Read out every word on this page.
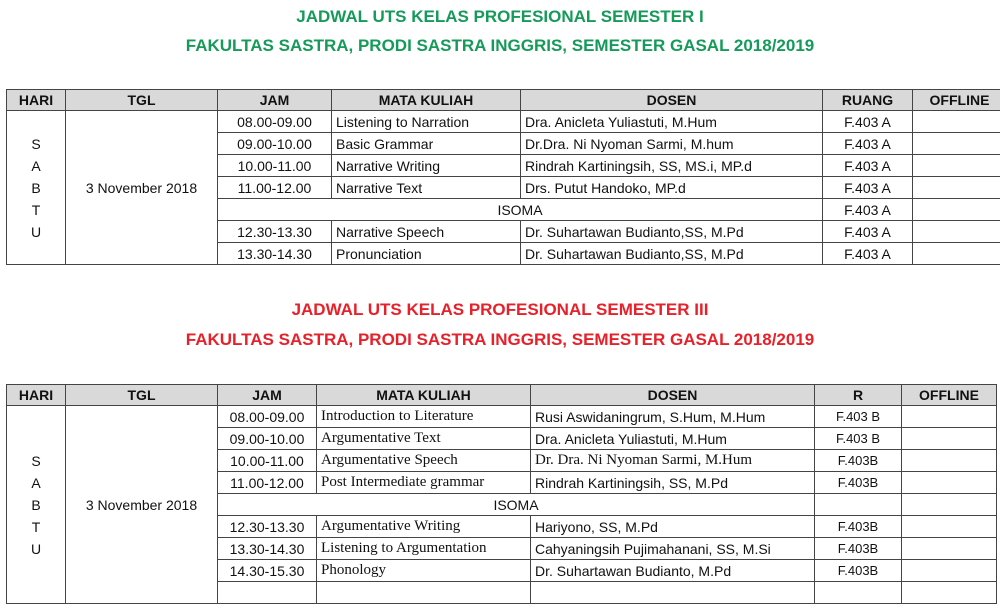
JADWAL UTS KELAS PROFESIONAL SEMESTER I
FAKULTAS SASTRA, PRODI SASTRA INGGRIS, SEMESTER GASAL 2018/2019
HARI	TGL	JAM	MATA KULIAH	DOSEN	RUANG	OFFLINE

S
A
B
T
U	3 November 2018	08.00-09.00	Listening to Narration	Dra. Anicleta Yuliastuti, M.Hum	F.403 A	
		09.00-10.00	Basic Grammar	Dr.Dra. Ni Nyoman Sarmi, M.hum	F.403 A	
		10.00-11.00	Narrative Writing	Rindrah Kartiningsih, SS, MS.i, MP.d	F.403 A	
		11.00-12.00	Narrative Text	Drs. Putut Handoko, MP.d	F.403 A	
		ISOMA			F.403 A	
		12.30-13.30	Narrative Speech	Dr. Suhartawan Budianto,SS, M.Pd	F.403 A	
		13.30-14.30	Pronunciation	Dr. Suhartawan Budianto,SS, M.Pd	F.403 A	
JADWAL UTS KELAS PROFESIONAL SEMESTER III
FAKULTAS SASTRA, PRODI SASTRA INGGRIS, SEMESTER GASAL 2018/2019
HARI	TGL	JAM	MATA KULIAH	DOSEN	R	OFFLINE

S
A
B
T
U	3 November 2018	08.00-09.00	Introduction to Literature	Rusi Aswidaningrum, S.Hum, M.Hum	F.403 B	
		09.00-10.00	Argumentative Text	Dra. Anicleta Yuliastuti, M.Hum	F.403 B	
		10.00-11.00	Argumentative Speech	Dr. Dra. Ni Nyoman Sarmi, M.Hum	F.403B	
		11.00-12.00	Post Intermediate grammar	Rindrah Kartiningsih, SS, M.Pd	F.403B	
		ISOMA				
		12.30-13.30	Argumentative Writing	Hariyono, SS, M.Pd	F.403B	
		13.30-14.30	Listening to Argumentation	Cahyaningsih Pujimahanani, SS, M.Si	F.403B	
		14.30-15.30	Phonology	Dr. Suhartawan Budianto, M.Pd	F.403B	
